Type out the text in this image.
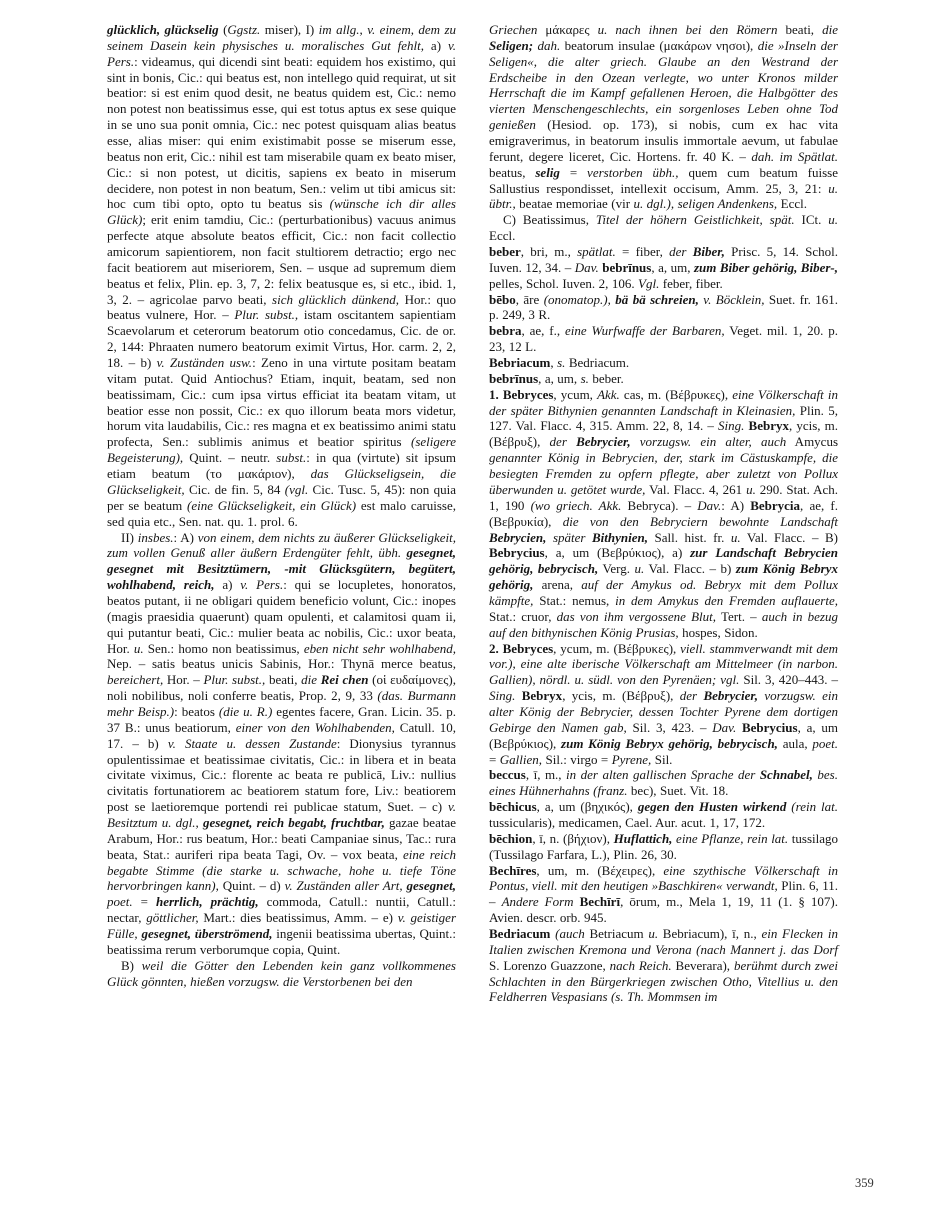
glücklich, glückselig (Ggstz. miser), I) im allg., v. einem, dem zu seinem Dasein kein physisches u. moralisches Gut fehlt, a) v. Pers.: videamus, qui dicendi sint beati: equidem hos existimo, qui sint in bonis, Cic.: qui beatus est, non intellego quid requirat, ut sit beatior: si est enim quod desit, ne beatus quidem est, Cic.: nemo non potest non beatissimus esse, qui est totus aptus ex sese quique in se uno sua ponit omnia, Cic.: nec potest quisquam alias beatus esse, alias miser: qui enim existimabit posse se miserum esse, beatus non erit, Cic.: nihil est tam miserabile quam ex beato miser, Cic.: si non potest, ut dicitis, sapiens ex beato in miserum decidere, non potest in non beatum, Sen.: velim ut tibi amicus sit: hoc cum tibi opto, opto tu beatus sis (wünsche ich dir alles Glück); erit enim tamdiu, Cic.: (perturbationibus) vacuus animus perfecte atque absolute beatos efficit, Cic.: non facit collectio amicorum sapientiorem, non facit stultiorem detractio; ergo nec facit beatiorem aut miseriorem, Sen. – usque ad supremum diem beatus et felix, Plin. ep. 3, 7, 2: felix beatusque es, si etc., ibid. 1, 3, 2. – agricolae parvo beati, sich glücklich dünkend, Hor.: quo beatus vulnere, Hor. – Plur. subst., istam oscitantem sapientiam Scaevolarum et ceterorum beatorum otio concedamus, Cic. de or. 2, 144: Phraaten numero beatorum eximit Virtus, Hor. carm. 2, 2, 18. – b) v. Zuständen usw.: Zeno in una virtute positam beatam vitam putat. Quid Antiochus? Etiam, inquit, beatam, sed non beatissimam, Cic.: cum ipsa virtus efficiat ita beatam vitam, ut beatior esse non possit, Cic.: ex quo illorum beata mors videtur, horum vita laudabilis, Cic.: res magna et ex beatissimo animi statu profecta, Sen.: sublimis animus et beatior spiritus (seligere Begeisterung), Quint. – neutr. subst.: in qua (virtute) sit ipsum etiam beatum (το μακάριον), das Glückseligsein, die Glückseligkeit, Cic. de fin. 5, 84 (vgl. Cic. Tusc. 5, 45): non quia per se beatum (eine Glückseligkeit, ein Glück) est malo caruisse, sed quia etc., Sen. nat. qu. 1. prol. 6.

II) insbes.: A) von einem, dem nichts zu äußerer Glückseligkeit, zum vollen Genuß aller äußern Erdengüter fehlt, übh. gesegnet, gesegnet mit Besitztümern, -mit Glücksgütern, begütert, wohlhabend, reich, a) v. Pers.: qui se locupletes, honoratos, beatos putant, ii ne obligari quidem beneficio volunt, Cic.: inopes (magis praesidia quaerunt) quam opulenti, et calamitosi quam ii, qui putantur beati, Cic.: mulier beata ac nobilis, Cic.: uxor beata, Hor. u. Sen.: homo non beatissimus, eben nicht sehr wohlhabend, Nep. – satis beatus unicis Sabinis, Hor.: Thynā merce beatus, bereichert, Hor. – Plur. subst., beati, die Rei chen (οἱ ευδαίμονες), noli nobilibus, noli conferre beatis, Prop. 2, 9, 33 (das. Burmann mehr Beisp.): beatos (die u. R.) egentes facere, Gran. Licin. 35. p. 37 B.: unus beatiorum, einer von den Wohlhabenden, Catull. 10, 17. – b) v. Staate u. dessen Zustande: Dionysius tyrannus opulentissimae et beatissimae civitatis, Cic.: in libera et in beata civitate viximus, Cic.: florente ac beata re publicā, Liv.: nullius civitatis fortunatiorem ac beatiorem statum fore, Liv.: beatiorem post se laetioremque portendi rei publicae statum, Suet. – c) v. Besitztum u. dgl., gesegnet, reich begabt, fruchtbar, gazae beatae Arabum, Hor.: rus beatum, Hor.: beati Campaniae sinus, Tac.: rura beata, Stat.: auriferi ripa beata Tagi, Ov. – vox beata, eine reich begabte Stimme (die starke u. schwache, hohe u. tiefe Töne hervorbringen kann), Quint. – d) v. Zuständen aller Art, gesegnet, poet. = herrlich, prächtig, commoda, Catull.: nuntii, Catull.: nectar, göttlicher, Mart.: dies beatissimus, Amm. – e) v. geistiger Fülle, gesegnet, überströmend, ingenii beatissima ubertas, Quint.: beatissima rerum verborumque copia, Quint.

B) weil die Götter den Lebenden kein ganz vollkommenes Glück gönnten, hießen vorzugsw. die Verstorbenen bei den

Griechen μάκαρες u. nach ihnen bei den Römern beati, die Seligen; dah. beatorum insulae (μακάρων νησοι), die »Inseln der Seligen«, die alter griech. Glaube an den Westrand der Erdscheibe in den Ozean verlegte, wo unter Kronos milder Herrschaft die im Kampf gefallenen Heroen, die Halbgötter des vierten Menschengeschlechts, ein sorgenloses Leben ohne Tod genießen (Hesiod. op. 173), si nobis, cum ex hac vita emigraverimus, in beatorum insulis immortale aevum, ut fabulae ferunt, degere liceret, Cic. Hortens. fr. 40 K. – dah. im Spätlat. beatus, selig = verstorben übh., quem cum beatum fuisse Sallustius respondisset, intellexit occisum, Amm. 25, 3, 21: u. übtr., beatae memoriae (vir u. dgl.), seligen Andenkens, Eccl.

C) Beatissimus, Titel der höhern Geistlichkeit, spät. ICt. u. Eccl.

beber, bri, m., spätlat. = fiber, der Biber, Prisc. 5, 14. Schol. Iuven. 12, 34. – Dav. bebrīnus, a, um, zum Biber gehörig, Biber-, pelles, Schol. Iuven. 2, 106. Vgl. feber, fiber.

bēbo, āre (onomatop.), bä bä schreien, v. Böcklein, Suet. fr. 161. p. 249, 3 R.

bebra, ae, f., eine Wurfwaffe der Barbaren, Veget. mil. 1, 20. p. 23, 12 L.

Bebriacum, s. Bedriacum.

bebrīnus, a, um, s. beber.

1. Bebryces, ycum, Akk. cas, m. (Βέβρυκες), eine Völkerschaft in der später Bithynien genannten Landschaft in Kleinasien, Plin. 5, 127. Val. Flacc. 4, 315. Amm. 22, 8, 14. – Sing. Bebryx, ycis, m. (Βέβρυξ), der Bebrycier, vorzugsw. ein alter, auch Amycus genannter König in Bebrycien, der, stark im Cästuskampfe, die besiegten Fremden zu opfern pflegte, aber zuletzt von Pollux überwunden u. getötet wurde, Val. Flacc. 4, 261 u. 290. Stat. Ach. 1, 190 (wo griech. Akk. Bebryca). – Dav.: A) Bebrycia, ae, f. (Βεβρυκία), die von den Bebryciern bewohnte Landschaft Bebrycien, später Bithynien, Sall. hist. fr. u. Val. Flacc. – B) Bebrycius, a, um (Βεβρύκιος), a) zur Landschaft Bebrycien gehörig, bebrycisch, Verg. u. Val. Flacc. – b) zum König Bebryx gehörig, arena, auf der Amykus od. Bebryx mit dem Pollux kämpfte, Stat.: nemus, in dem Amykus den Fremden auflauerte, Stat.: cruor, das von ihm vergossene Blut, Tert. – auch in bezug auf den bithynischen König Prusias, hospes, Sidon.

2. Bebryces, ycum, m. (Βέβρυκες), viell. stammverwandt mit dem vor.), eine alte iberische Völkerschaft am Mittelmeer (in narbon. Gallien), nördl. u. südl. von den Pyrenäen; vgl. Sil. 3, 420–443. – Sing. Bebryx, ycis, m. (Βέβρυξ), der Bebrycier, vorzugsw. ein alter König der Bebrycier, dessen Tochter Pyrene dem dortigen Gebirge den Namen gab, Sil. 3, 423. – Dav. Bebrycius, a, um (Βεβρύκιος), zum König Bebryx gehörig, bebrycisch, aula, poet. = Gallien, Sil.: virgo = Pyrene, Sil.

beccus, ī, m., in der alten gallischen Sprache der Schnabel, bes. eines Hühnerhahns (franz. bec), Suet. Vit. 18.

bēchicus, a, um (βηχικός), gegen den Husten wirkend (rein lat. tussicularis), medicamen, Cael. Aur. acut. 1, 17, 172.

bēchion, ī, n. (βήχιον), Huflattich, eine Pflanze, rein lat. tussilago (Tussilago Farfara, L.), Plin. 26, 30.

Bechīres, um, m. (Βέχειρες), eine szythische Völkerschaft in Pontus, viell. mit den heutigen »Baschkiren« verwandt, Plin. 6, 11. – Andere Form Bechīrī, ōrum, m., Mela 1, 19, 11 (1. § 107). Avien. descr. orb. 945.

Bedriacum (auch Betriacum u. Bebriacum), ī, n., ein Flecken in Italien zwischen Kremona und Verona (nach Mannert j. das Dorf S. Lorenzo Guazzone, nach Reich. Beverara), berühmt durch zwei Schlachten in den Bürgerkriegen zwischen Otho, Vitellius u. den Feldherren Vespasians (s. Th. Mommsen im

359
